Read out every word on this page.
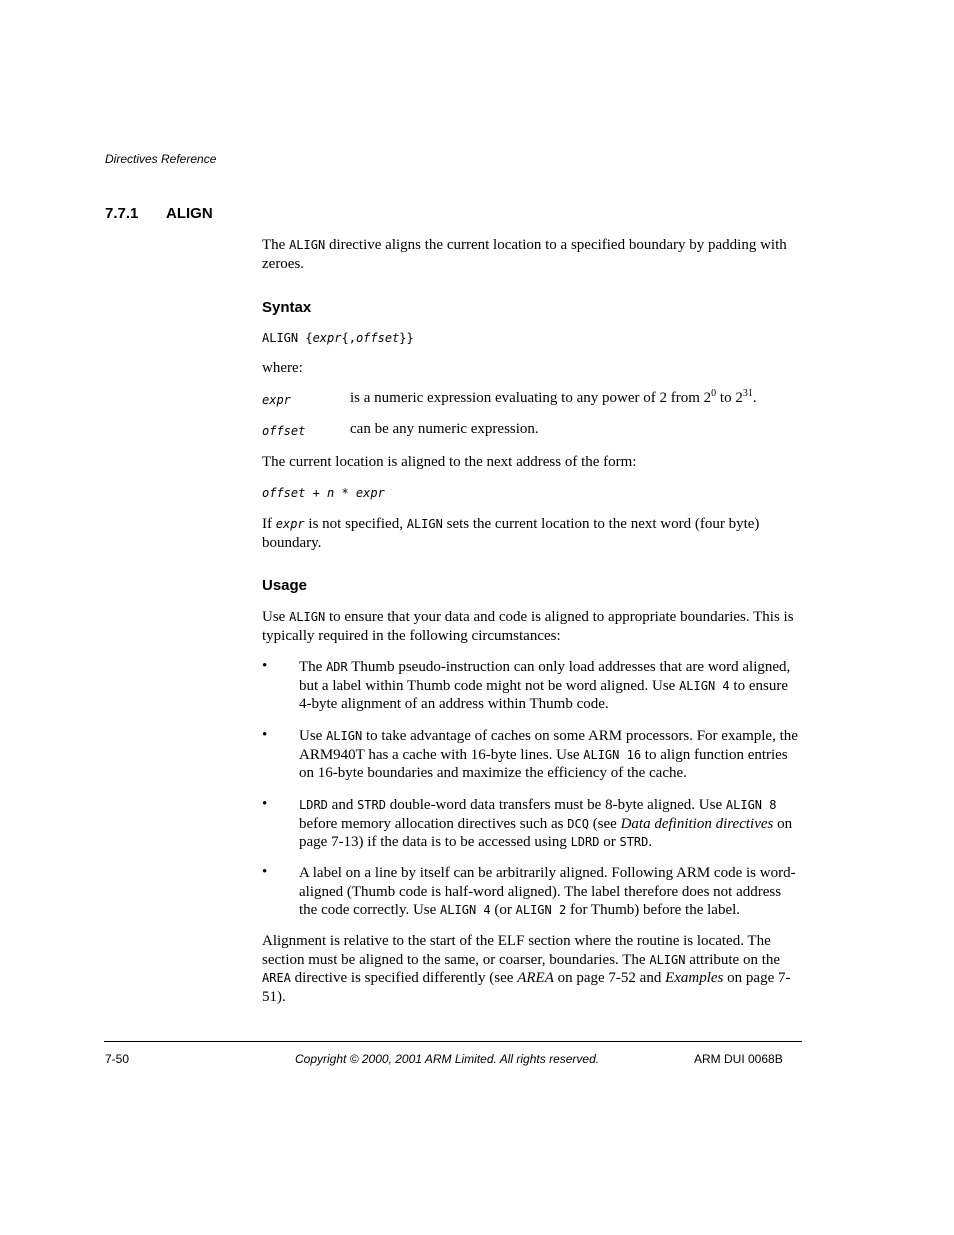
Directives Reference
7.7.1 ALIGN

The ALIGN directive aligns the current location to a specified boundary by padding with zeroes.

Syntax
ALIGN {expr{,offset}}

where:

expr	is a numeric expression evaluating to any power of 2 from $2^0$ to $2^{31}$.
offset	can be any numeric expression.

The current location is aligned to the next address of the form:

offset + n * expr

If expr is not specified, ALIGN sets the current location to the next word (four byte) boundary.

Usage

Use ALIGN to ensure that your data and code is aligned to appropriate boundaries. This is typically required in the following circumstances:

• The ADR Thumb pseudo-instruction can only load addresses that are word aligned, but a label within Thumb code might not be word aligned. Use ALIGN 4 to ensure 4-byte alignment of an address within Thumb code.

• Use ALIGN to take advantage of caches on some ARM processors. For example, the ARM940T has a cache with 16-byte lines. Use ALIGN 16 to align function entries on 16-byte boundaries and maximize the efficiency of the cache.

•	LDRD and STRD double-word data transfers must be 8-byte aligned. Use ALIGN 8 before memory allocation directives such as DCQ (see Data definition directives on page 7-13) if the data is to be accessed using LDRD or STRD.

• A label on a line by itself can be arbitrarily aligned. Following ARM code is word-aligned (Thumb code is half-word aligned). The label therefore does not address the code correctly. Use ALIGN 4 (or ALIGN 2 for Thumb) before the label.

Alignment is relative to the start of the ELF section where the routine is located. The section must be aligned to the same, or coarser, boundaries. The ALIGN attribute on the AREA directive is specified differently (see AREA on page 7-52 and Examples on page 7-51).

7-50	Copyright © 2000, 2001 ARM Limited. All rights reserved.	ARM DUI 0068B
